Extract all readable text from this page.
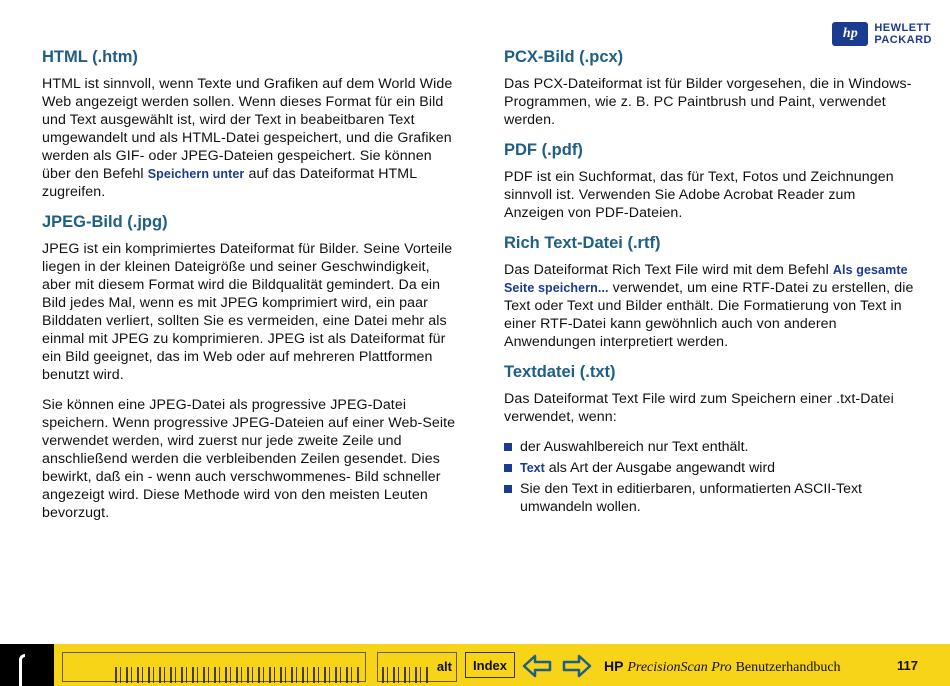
hp	HEWLETT
PACKARD
HTML (.htm)

HTML ist sinnvoll, wenn Texte und Grafiken auf dem World Wide Web angezeigt werden sollen. Wenn dieses Format für ein Bild und Text ausgewählt ist, wird der Text in beabeitbaren Text umgewandelt und als HTML-Datei gespeichert, und die Grafiken werden als GIF- oder JPEG-Dateien gespeichert. Sie können über den Befehl Speichern unter auf das Dateiformat HTML zugreifen.

JPEG-Bild (.jpg)

JPEG ist ein komprimiertes Dateiformat für Bilder. Seine Vorteile liegen in der kleinen Dateigröße und seiner Geschwindigkeit, aber mit diesem Format wird die Bildqualität gemindert. Da ein Bild jedes Mal, wenn es mit JPEG komprimiert wird, ein paar Bilddaten verliert, sollten Sie es vermeiden, eine Datei mehr als einmal mit JPEG zu komprimieren. JPEG ist als Dateiformat für ein Bild geeignet, das im Web oder auf mehreren Plattformen benutzt wird.

Sie können eine JPEG-Datei als progressive JPEG-Datei speichern. Wenn progressive JPEG-Dateien auf einer Web-Seite verwendet werden, wird zuerst nur jede zweite Zeile und anschließend werden die verbleibenden Zeilen gesendet. Dies bewirkt, daß ein - wenn auch verschwommenes- Bild schneller angezeigt wird. Diese Methode wird von den meisten Leuten bevorzugt.

PCX-Bild (.pcx)

Das PCX-Dateiformat ist für Bilder vorgesehen, die in Windows-Programmen, wie z. B. PC Paintbrush und Paint, verwendet werden.

PDF (.pdf)

PDF ist ein Suchformat, das für Text, Fotos und Zeichnungen sinnvoll ist. Verwenden Sie Adobe Acrobat Reader zum Anzeigen von PDF-Dateien.

Rich Text-Datei (.rtf)

Das Dateiformat Rich Text File wird mit dem Befehl Als gesamte Seite speichern... verwendet, um eine RTF-Datei zu erstellen, die Text oder Text und Bilder enthält. Die Formatierung von Text in einer RTF-Datei kann gewöhnlich auch von anderen Anwendungen interpretiert werden.

Textdatei (.txt)

Das Dateiformat Text File wird zum Speichern einer .txt-Datei verwendet, wenn:

der Auswahlbereich nur Text enthält.
Text als Art der Ausgabe angewandt wird
Sie den Text in editierbaren, unformatierten ASCII-Text umwandeln wollen.
alt	Index	HP PrecisionScan Pro Benutzerhandbuch	117
